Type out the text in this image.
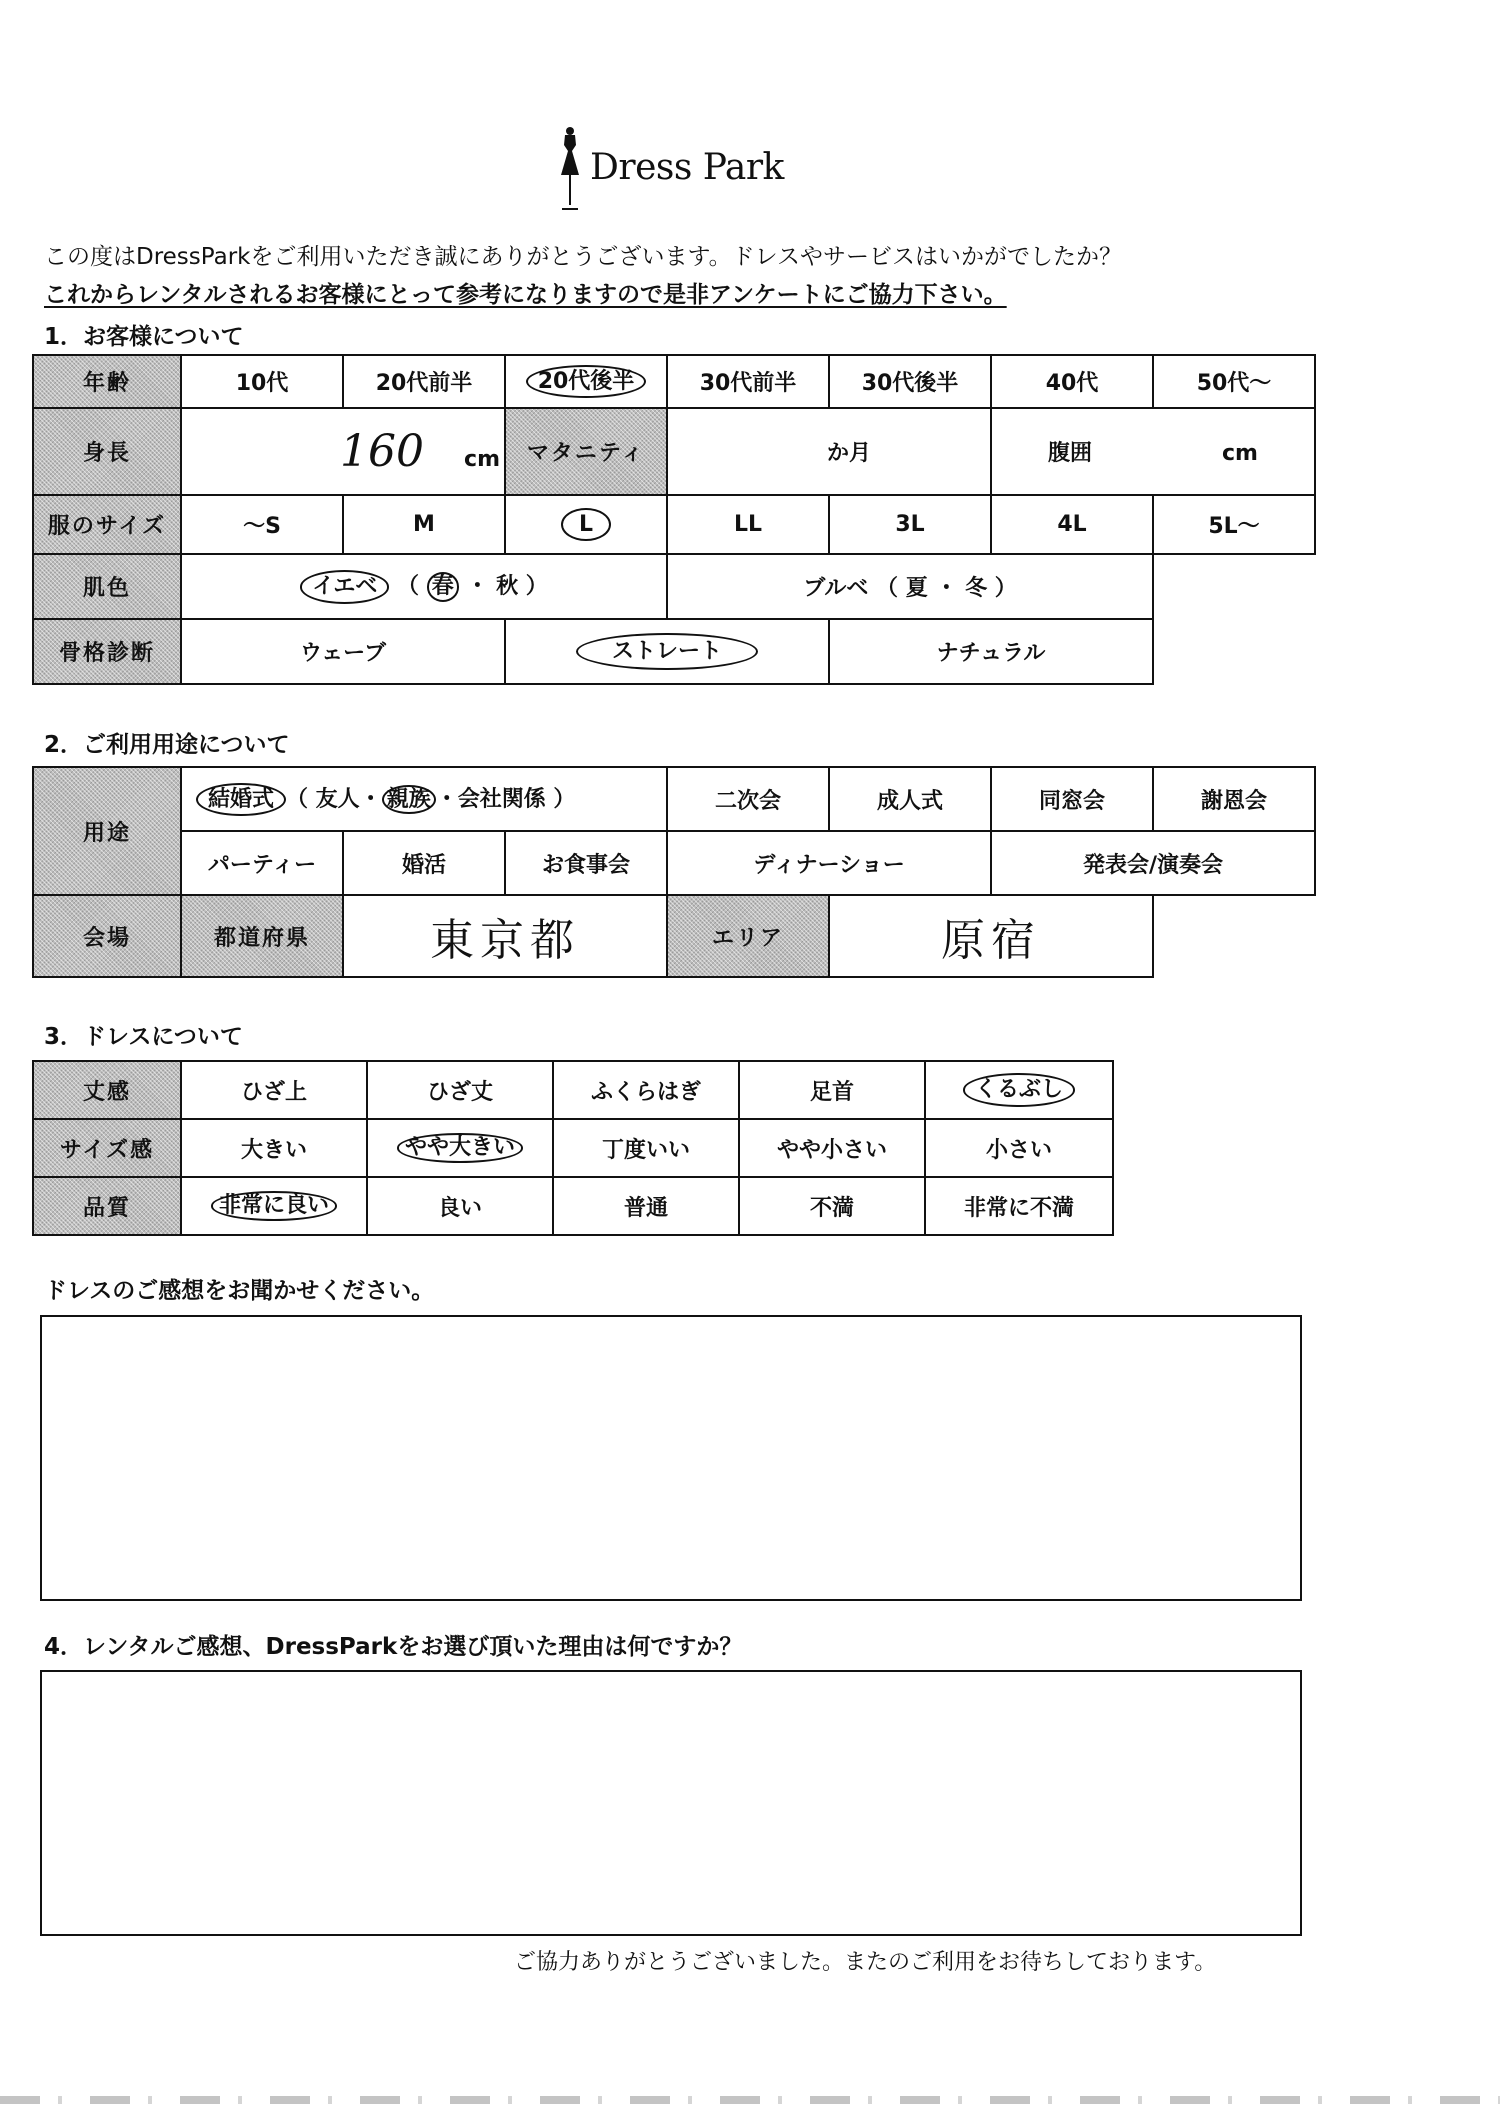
Dress Park
この度はDressParkをご利用いただき誠にありがとうございます。ドレスやサービスはいかがでしたか？
これからレンタルされるお客様にとって参考になりますので是非アンケートにご協力下さい。
1．お客様について
年齢	10代	20代前半	20代後半	30代前半	30代後半	40代	50代～
身長	160 cm		マタニティ	か月		腹囲 cm	
服のサイズ	～S	M	L	LL	3L	4L	5L～
肌色	イエベ （ 春 ・ 秋 ）			ブルベ （ 夏 ・ 冬 ）			
骨格診断	ウェーブ		ストレート		ナチュラル		
2．ご利用用途について
用途	結婚式 （ 友人・ 親族 ・会社関係 ）			二次会	成人式	同窓会	謝恩会
	パーティー	婚活	お食事会	ディナーショー		発表会/演奏会	
会場	都道府県	東京都		エリア	原宿		
3．ドレスについて
丈感	ひざ上	ひざ丈	ふくらはぎ	足首	くるぶし
サイズ感	大きい	やや大きい	丁度いい	やや小さい	小さい
品質	非常に良い	良い	普通	不満	非常に不満
ドレスのご感想をお聞かせください。
4．レンタルご感想、DressParkをお選び頂いた理由は何ですか？
ご協力ありがとうございました。またのご利用をお待ちしております。
